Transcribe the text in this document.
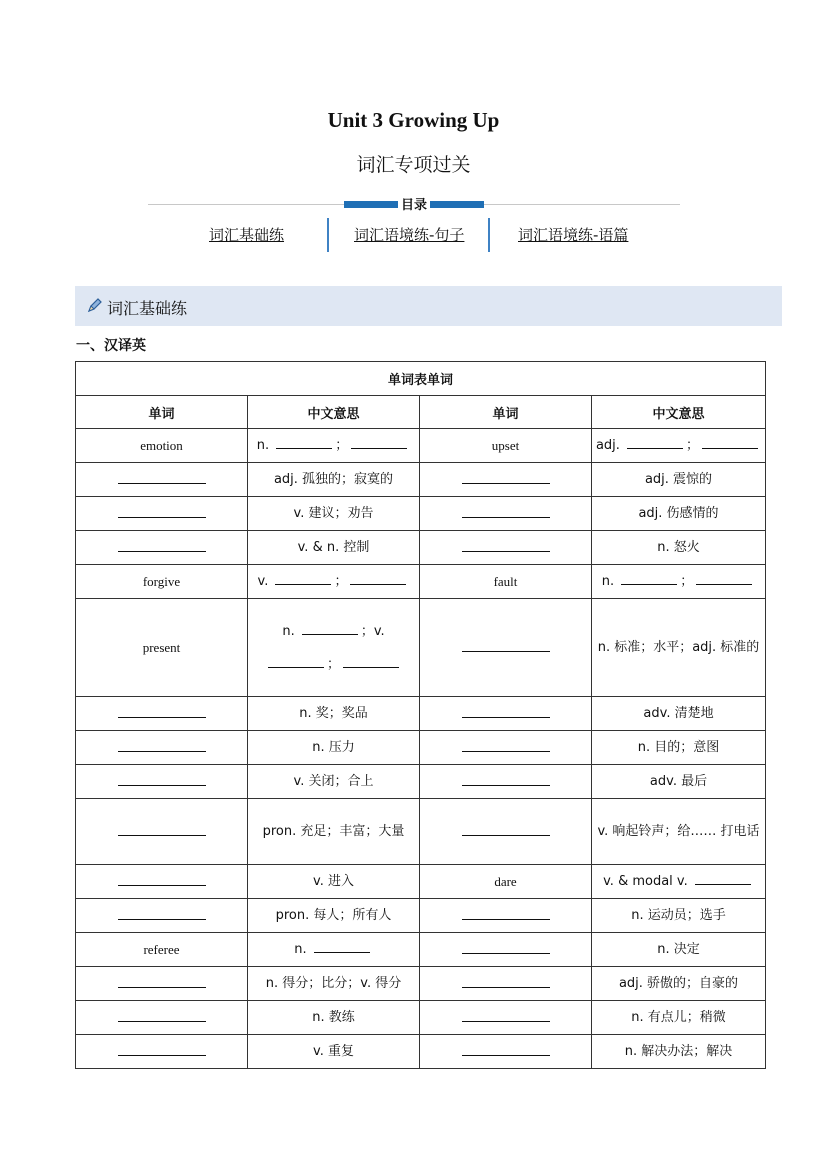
Unit 3 Growing Up
词汇专项过关
目录
词汇基础练	词汇语境练-句子	词汇语境练-语篇
词汇基础练
一、汉译英
单词表单词			
单词	中文意思	单词	中文意思
emotion	n. ；	upset	adj. ；
	adj. 孤独的；寂寞的		adj. 震惊的
	v. 建议；劝告		adj. 伤感情的
	v. & n. 控制		n. 怒火
forgive	v. ；	fault	n. ；
present	n. ；v. ；		n. 标准；水平；adj. 标准的
	n. 奖；奖品		adv. 清楚地
	n. 压力		n. 目的；意图
	v. 关闭；合上		adv. 最后
	pron. 充足；丰富；大量		v. 响起铃声；给…… 打电话
	v. 进入	dare	v. & modal v.
	pron. 每人；所有人		n. 运动员；选手
referee	n.		n. 决定
	n. 得分；比分；v. 得分		adj. 骄傲的；自豪的
	n. 教练		n. 有点儿；稍微
	v. 重复		n. 解决办法；解决
